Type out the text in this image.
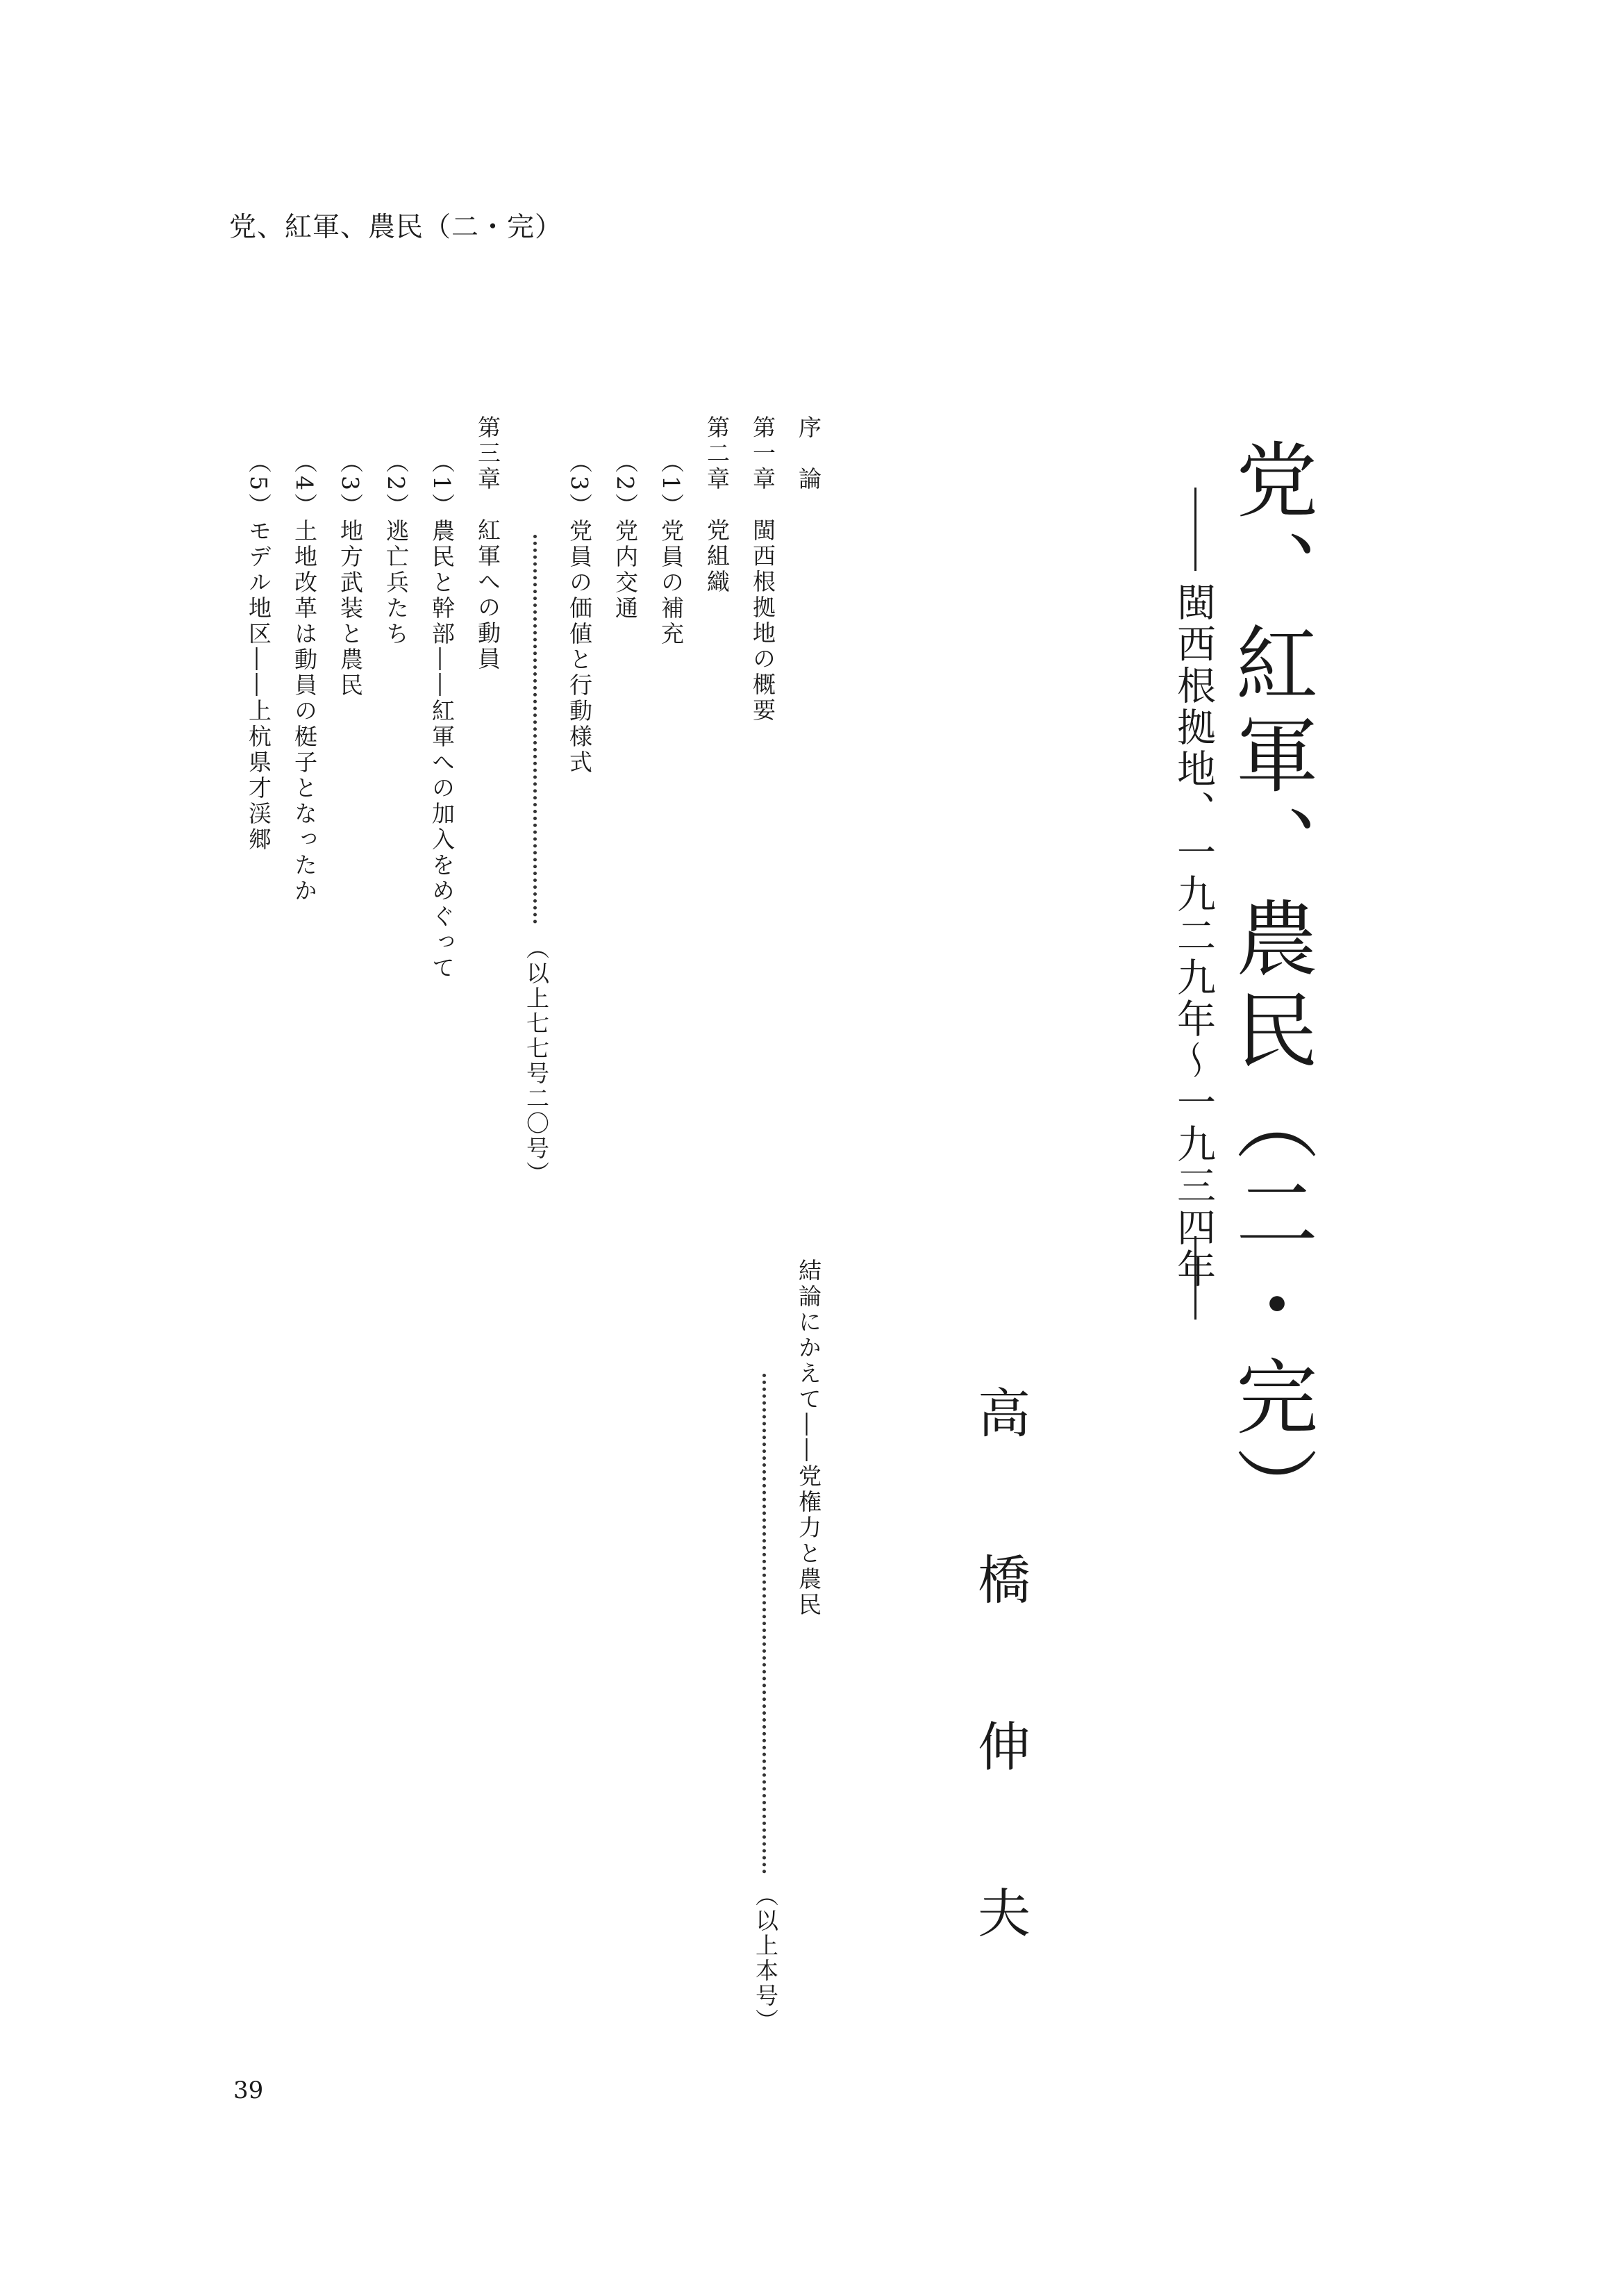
党、紅軍、農民（二・完）
党、紅軍、農民（二・完）
閩西根拠地、一九二九年〜一九三四年
高
橋
伸
夫
序　論
第一章　閩西根拠地の概要
第二章　党組織
（1）党員の補充
（2）党内交通
（3）党員の価値と行動様式
（以上七七号二〇号）
第三章　紅軍への動員
（1）農民と幹部――紅軍への加入をめぐって
（2）逃亡兵たち
（3）地方武装と農民
（4）土地改革は動員の梃子となったか
（5）モデル地区――上杭県才渓郷
結論にかえて――党権力と農民
（以上本号）
39
